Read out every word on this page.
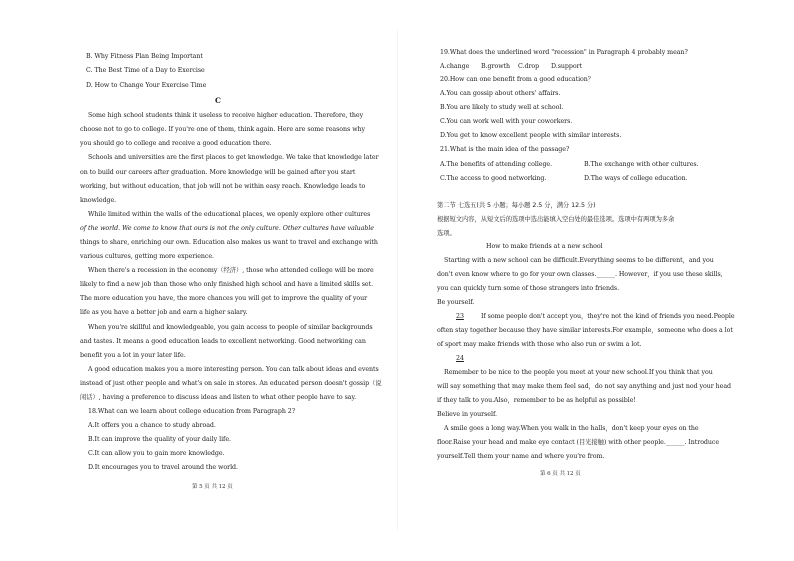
B. Why Fitness Plan Being Important
C. The Best Time of a Day to Exercise
D. How to Change Your Exercise Time
C
Some high school students think it useless to receive higher education. Therefore, they
choose not to go to college. If you're one of them, think again. Here are some reasons why
you should go to college and receive a good education there.
Schools and universities are the first places to get knowledge. We take that knowledge later
on to build our careers after graduation. More knowledge will be gained after you start
working, but without education, that job will not be within easy reach. Knowledge leads to
knowledge.
While limited within the walls of the educational places, we openly explore other cultures
of the world. We come to know that ours is not the only culture. Other cultures have valuable
things to share, enriching our own. Education also makes us want to travel and exchange with
various cultures, getting more experience.
When there's a recession in the economy（经济）, those who attended college will be more
likely to find a new job than those who only finished high school and have a limited skills set.
The more education you have, the more chances you will get to improve the quality of your
life as you have a better job and earn a higher salary.
When you're skillful and knowledgeable, you gain access to people of similar backgrounds
and tastes. It means a good education leads to excellent networking. Good networking can
benefit you a lot in your later life.
A good education makes you a more interesting person. You can talk about ideas and events
instead of just other people and what's on sale in stores. An educated person doesn't gossip（说
闲话）, having a preference to discuss ideas and listen to what other people have to say.
18.What can we learn about college education from Paragraph 2?
A.It offers you a chance to study abroad.
B.It can improve the quality of your daily life.
C.It can allow you to gain more knowledge.
D.It encourages you to travel around the world.
第 5 页 共 12 页
19.What does the underlined word "recession" in Paragraph 4 probably mean?
A.change B.growth C.drop D.support
20.How can one benefit from a good education？
A.You can gossip about others' affairs.
B.You are likely to study well at school.
C.You can work well with your coworkers.
D.You get to know excellent people with similar interests.
21.What is the main idea of the passage?
A.The benefits of attending college.	B.The exchange with other cultures.
C.The access to good networking.	D.The ways of college education.
第二节 七选五(共 5 小题；每小题 2.5 分，满分 12.5 分)
根据短文内容，从短文后的选项中选出能填入空白处的最佳选项。选项中有两项为多余
选项。
How to make friends at a new school
Starting with a new school can be difficult.Everything seems to be different，and you
don't even know where to go for your own classes.______. However，if you use these skills,
you can quickly turn some of those strangers into friends.
Be yourself.
23	If some people don't accept you，they're not the kind of friends you need.People
often stay together because they have similar interests.For example，someone who does a lot
of sport may make friends with those who also run or swim a lot.
24
Remember to be nice to the people you meet at your new school.If you think that you
will say something that may make them feel sad，do not say anything and just nod your head
if they talk to you.Also，remember to be as helpful as possible!
Believe in yourself.
A smile goes a long way.When you walk in the halls，don't keep your eyes on the
floor.Raise your head and make eye contact (目光接触) with other people.______. Introduce
yourself.Tell them your name and where you're from.
第 6 页 共 12 页
